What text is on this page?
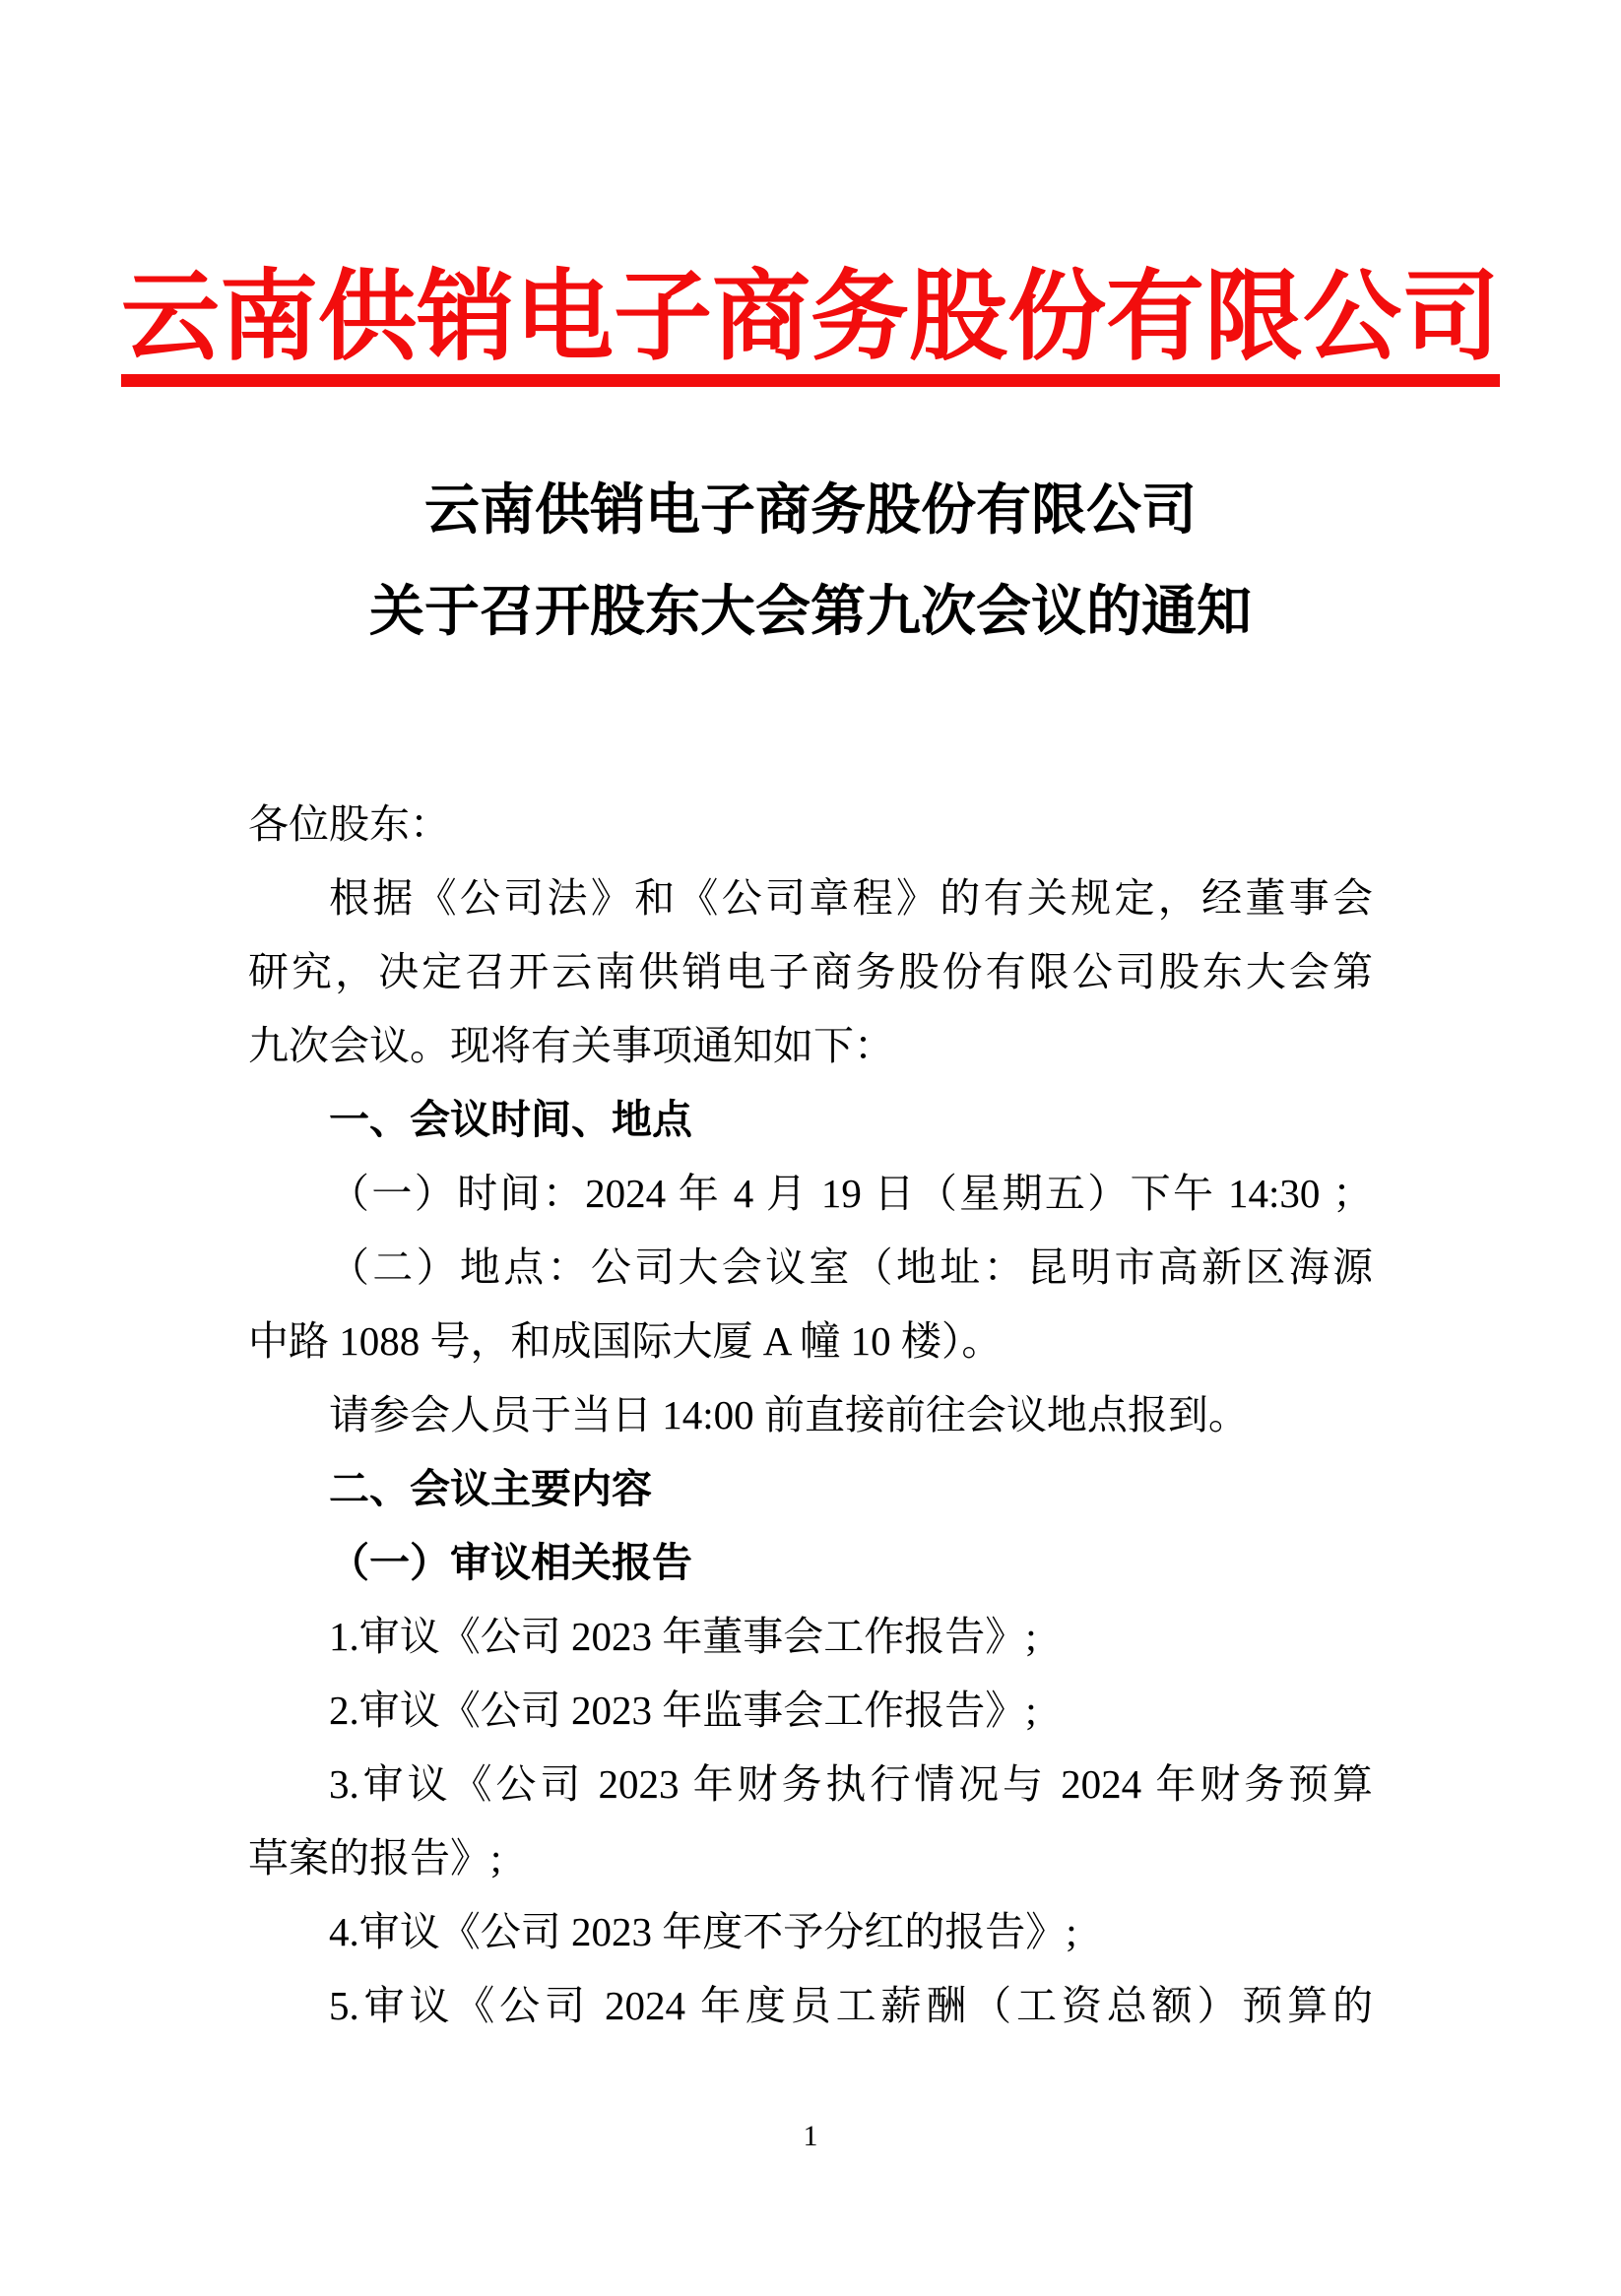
云南供销电子商务股份有限公司
云南供销电子商务股份有限公司
关于召开股东大会第九次会议的通知
各位股东：
根据《公司法》和《公司章程》的有关规定，经董事会
研究，决定召开云南供销电子商务股份有限公司股东大会第
九次会议。现将有关事项通知如下：
一、会议时间、地点
（一）时间：2024 年 4 月 19 日（星期五）下午 14:30 ；
（二）地点：公司大会议室（地址：昆明市高新区海源
中路 1088 号，和成国际大厦 A 幢 10 楼）。
请参会人员于当日 14:00 前直接前往会议地点报到。
二、会议主要内容
（一）审议相关报告
1.审议《公司 2023 年董事会工作报告》;
2.审议《公司 2023 年监事会工作报告》;
3.审议《公司 2023 年财务执行情况与 2024 年财务预算
草案的报告》;
4.审议《公司 2023 年度不予分红的报告》;
5.审议《公司 2024 年度员工薪酬（工资总额）预算的
1
